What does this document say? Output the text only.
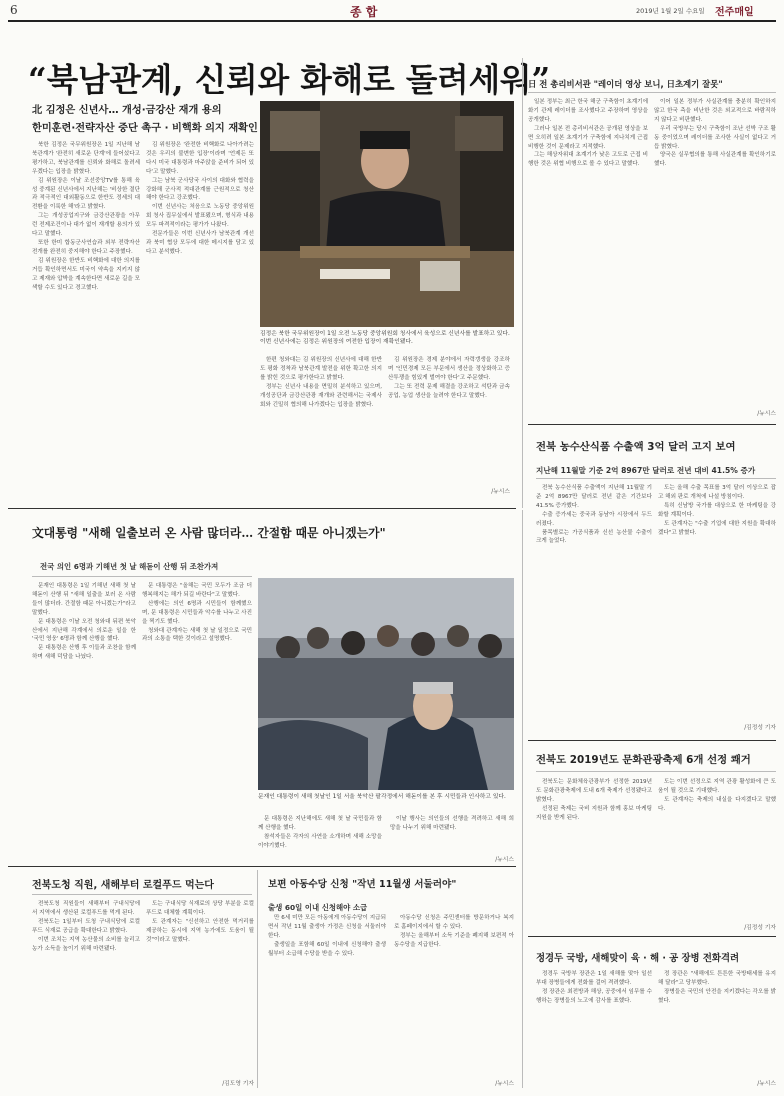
6	종 합	2019년 1월 2일 수요일 전주매일
“북남관계, 신뢰와 화해로 돌려세워”
北 김정은 신년사… 개성·금강산 재개 용의
한미훈련·전략자산 중단 촉구 · 비핵화 의지 재확인

북한 김정은 국무위원장은 1일 지난해 남북관계가 '완전히 새로운 단계'에 들어섰다고 평가하고, 북남관계를 신뢰와 화해로 돌려세우겠다는 입장을 밝혔다.

김 위원장은 이날 조선중앙TV를 통해 육성 중계된 신년사에서 지난해는 '비상한 결단과 적극적인 대외활동으로 한반도 정세의 대전환을 이룩한 해'라고 밝혔다.

그는 개성공업지구와 금강산관광을 아무런 전제조건이나 대가 없이 재개할 용의가 있다고 말했다.

또한 한미 합동군사연습과 외부 전략자산 전개를 완전히 중지해야 한다고 주장했다.

김 위원장은 한반도 비핵화에 대한 의지를 거듭 확인하면서도 미국이 약속을 지키지 않고 제재와 압박을 계속한다면 새로운 길을 모색할 수도 있다고 경고했다.

김 위원장은 '완전한 비핵화로 나아가려는 것은 우리의 불변한 입장'이라며 '언제든 또다시 미국 대통령과 마주앉을 준비가 되어 있다'고 말했다.

그는 남북 군사당국 사이의 대화와 협력을 강화해 군사적 적대관계를 근원적으로 청산해야 한다고 강조했다.

이번 신년사는 처음으로 노동당 중앙위원회 청사 집무실에서 발표됐으며, 형식과 내용 모두 파격적이라는 평가가 나왔다.

전문가들은 이번 신년사가 남북관계 개선과 북미 협상 모두에 대한 메시지를 담고 있다고 분석했다.

김정은 북한 국무위원장이 1일 오전 노동당 중앙위원회 청사에서 육성으로 신년사를 발표하고 있다. 이번 신년사에는 김정은 위원장의 여전한 입장이 재확인됐다.

한편 청와대는 김 위원장의 신년사에 대해 한반도 평화 정착과 남북관계 발전을 위한 확고한 의지를 밝힌 것으로 평가한다고 밝혔다.

정부는 신년사 내용을 면밀히 분석하고 있으며, 개성공단과 금강산관광 재개와 관련해서는 국제사회와 긴밀히 협의해 나가겠다는 입장을 밝혔다.

김 위원장은 경제 분야에서 자력갱생을 강조하며 '인민경제 모든 부문에서 생산을 정상화하고 증산투쟁을 힘있게 벌여야 한다'고 주문했다.

그는 또 전력 문제 해결을 강조하고 석탄과 금속공업, 농업 생산을 늘려야 한다고 말했다.

/뉴시스
日 전 총리비서관 "레이더 영상 보니, 日초계기 잘못"

일본 정부는 최근 한국 해군 구축함이 초계기에 화기 관제 레이더를 조사했다고 주장하며 영상을 공개했다.

그러나 일본 전 총리비서관은 공개된 영상을 보면 오히려 일본 초계기가 구축함에 지나치게 근접 비행한 것이 문제라고 지적했다.

그는 해상자위대 초계기가 낮은 고도로 근접 비행한 것은 위협 비행으로 볼 수 있다고 말했다.

이어 일본 정부가 사실관계를 충분히 확인하지 않고 한국 측을 비난한 것은 외교적으로 바람직하지 않다고 비판했다.

우리 국방부는 당시 구축함이 조난 선박 구조 활동 중이었으며 레이더를 조사한 사실이 없다고 거듭 밝혔다.

양국은 실무협의를 통해 사실관계를 확인하기로 했다.

/뉴시스
전북 농수산식품 수출액 3억 달러 고지 보여
지난해 11월말 기준 2억 8967만 달러로 전년 대비 41.5% 증가

전북 농수산식품 수출액이 지난해 11월말 기준 2억 8967만 달러로 전년 같은 기간보다 41.5% 증가했다.

수출 증가세는 중국과 동남아 시장에서 두드러졌다.

품목별로는 가공식품과 신선 농산물 수출이 크게 늘었다.

도는 올해 수출 목표를 3억 달러 이상으로 잡고 해외 판로 개척에 나설 방침이다.

특히 신남방 국가를 대상으로 한 마케팅을 강화할 계획이다.

도 관계자는 "수출 기업에 대한 지원을 확대하겠다"고 밝혔다.

/김정성 기자
文대통령 "새해 일출보러 온 사람 많더라… 간절함 때문 아니겠는가"
전국 의인 6명과 기해년 첫 날 해돋이 산행 뒤 조찬가져

문재인 대통령은 1일 기해년 새해 첫 날 해돋이 산행 뒤 "새해 일출을 보러 온 사람들이 많더라. 간절함 때문 아니겠는가"라고 말했다.

문 대통령은 이날 오전 청와대 뒤편 북악산에서 지난해 각계에서 의로운 일을 한 '국민 영웅' 6명과 함께 산행을 했다.

문 대통령은 산행 후 이들과 조찬을 함께하며 새해 덕담을 나눴다.

문 대통령은 "올해는 국민 모두가 조금 더 행복해지는 해가 되길 바란다"고 말했다.

산행에는 의인 6명과 시민들이 함께했으며, 문 대통령은 시민들과 악수를 나누고 사진을 찍기도 했다.

청와대 관계자는 새해 첫 날 일정으로 국민과의 소통을 택한 것이라고 설명했다.

문재인 대통령이 새해 첫날인 1일 서울 북악산 팔각정에서 해돋이를 본 후 시민들과 인사하고 있다.

문 대통령은 지난해에도 새해 첫 날 국민들과 함께 산행을 했다.

참석자들은 각자의 사연을 소개하며 새해 소망을 이야기했다.

이날 행사는 의인들의 선행을 격려하고 새해 희망을 나누기 위해 마련됐다.

/뉴시스
전북도청 직원, 새해부터 로컬푸드 먹는다

전북도청 직원들이 새해부터 구내식당에서 지역에서 생산된 로컬푸드를 먹게 된다.

전북도는 1일부터 도청 구내식당에 로컬푸드 식재료 공급을 확대한다고 밝혔다.

이번 조치는 지역 농산물의 소비를 늘리고 농가 소득을 높이기 위해 마련됐다.

도는 구내식당 식재료의 상당 부분을 로컬푸드로 대체할 계획이다.

도 관계자는 "신선하고 안전한 먹거리를 제공하는 동시에 지역 농가에도 도움이 될 것"이라고 말했다.

/김도영 기자
보편 아동수당 신청 "작년 11월생 서둘러야"
출생 60일 이내 신청해야 소급

만 6세 미만 모든 아동에게 아동수당이 지급되면서 작년 11월 출생아 가정은 신청을 서둘러야 한다.

출생일을 포함해 60일 이내에 신청해야 출생월부터 소급해 수당을 받을 수 있다.

아동수당 신청은 주민센터를 방문하거나 복지로 홈페이지에서 할 수 있다.

정부는 올해부터 소득 기준을 폐지해 보편적 아동수당을 지급한다.

/뉴시스
전북도 2019년도 문화관광축제 6개 선정 쾌거

전북도는 문화체육관광부가 선정한 2019년도 문화관광축제에 도내 6개 축제가 선정됐다고 밝혔다.

선정된 축제는 국비 지원과 함께 홍보 마케팅 지원을 받게 된다.

도는 이번 선정으로 지역 관광 활성화에 큰 도움이 될 것으로 기대했다.

도 관계자는 축제의 내실을 다지겠다고 말했다.

/김정성 기자
정경두 국방, 새해맞이 육 · 해 · 공 장병 전화격려

정경두 국방부 장관은 1일 새해를 맞아 일선 부대 장병들에게 전화를 걸어 격려했다.

정 장관은 최전방과 해상, 공중에서 임무를 수행하는 장병들의 노고에 감사를 표했다.

정 장관은 "새해에도 튼튼한 국방태세를 유지해 달라"고 당부했다.

장병들은 국민의 안전을 지키겠다는 각오를 밝혔다.

/뉴시스
